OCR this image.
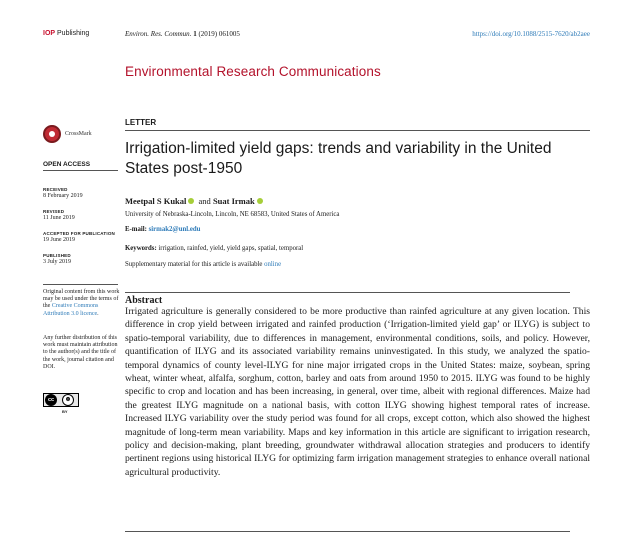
IOP Publishing	Environ. Res. Commun. 1 (2019) 061005	https://doi.org/10.1088/2515-7620/ab2aee
Environmental Research Communications
CrossMark
OPEN ACCESS
RECEIVED
8 February 2019
REVISED
11 June 2019
ACCEPTED FOR PUBLICATION
19 June 2019
PUBLISHED
3 July 2019
Original content from this work may be used under the terms of the Creative Commons Attribution 3.0 licence.
Any further distribution of this work must maintain attribution to the author(s) and the title of the work, journal citation and DOI.
cc	☻
BY
LETTER
Irrigation-limited yield gaps: trends and variability in the United States post-1950
Meetpal S Kukal and Suat Irmak
University of Nebraska-Lincoln, Lincoln, NE 68583, United States of America
E-mail: sirmak2@unl.edu
Keywords: irrigation, rainfed, yield, yield gaps, spatial, temporal
Supplementary material for this article is available online
Abstract
Irrigated agriculture is generally considered to be more productive than rainfed agriculture at any given location. This difference in crop yield between irrigated and rainfed production (‘Irrigation-limited yield gap’ or ILYG) is subject to spatio-temporal variability, due to differences in management, environmental conditions, soils, and policy. However, quantification of ILYG and its associated variability remains uninvestigated. In this study, we analyzed the spatio-temporal dynamics of county level-ILYG for nine major irrigated crops in the United States: maize, soybean, spring wheat, winter wheat, alfalfa, sorghum, cotton, barley and oats from around 1950 to 2015. ILYG was found to be highly specific to crop and location and has been increasing, in general, over time, albeit with regional differences. Maize had the greatest ILYG magnitude on a national basis, with cotton ILYG showing highest temporal rates of increase. Increased ILYG variability over the study period was found for all crops, except cotton, which also showed the highest magnitude of long-term mean variability. Maps and key information in this article are significant to irrigation research, policy and decision-making, plant breeding, groundwater withdrawal allocation strategies and producers to identify pertinent regions using historical ILYG for optimizing farm irrigation management strategies to enhance overall national agricultural productivity.
